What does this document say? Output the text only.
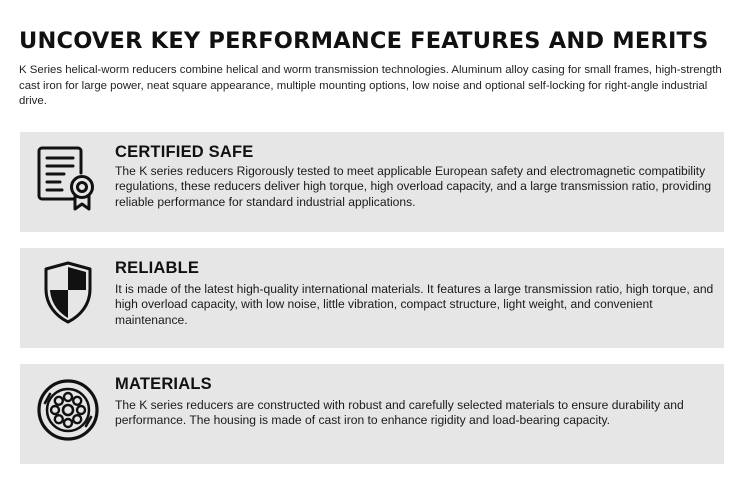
UNCOVER KEY PERFORMANCE FEATURES AND MERITS

K Series helical-worm reducers combine helical and worm transmission technologies. Aluminum alloy casing for small frames, high-strength cast iron for large power, neat square appearance, multiple mounting options, low noise and optional self-locking for right-angle industrial drive.

CERTIFIED SAFE

The K series reducers Rigorously tested to meet applicable European safety and electromagnetic compatibility regulations, these reducers deliver high torque, high overload capacity, and a large transmission ratio, providing reliable performance for standard industrial applications.

RELIABLE

It is made of the latest high-quality international materials. It features a large transmission ratio, high torque, and high overload capacity, with low noise, little vibration, compact structure, light weight, and convenient maintenance.

MATERIALS

The K series reducers are constructed with robust and carefully selected materials to ensure durability and performance. The housing is made of cast iron to enhance rigidity and load-bearing capacity.
